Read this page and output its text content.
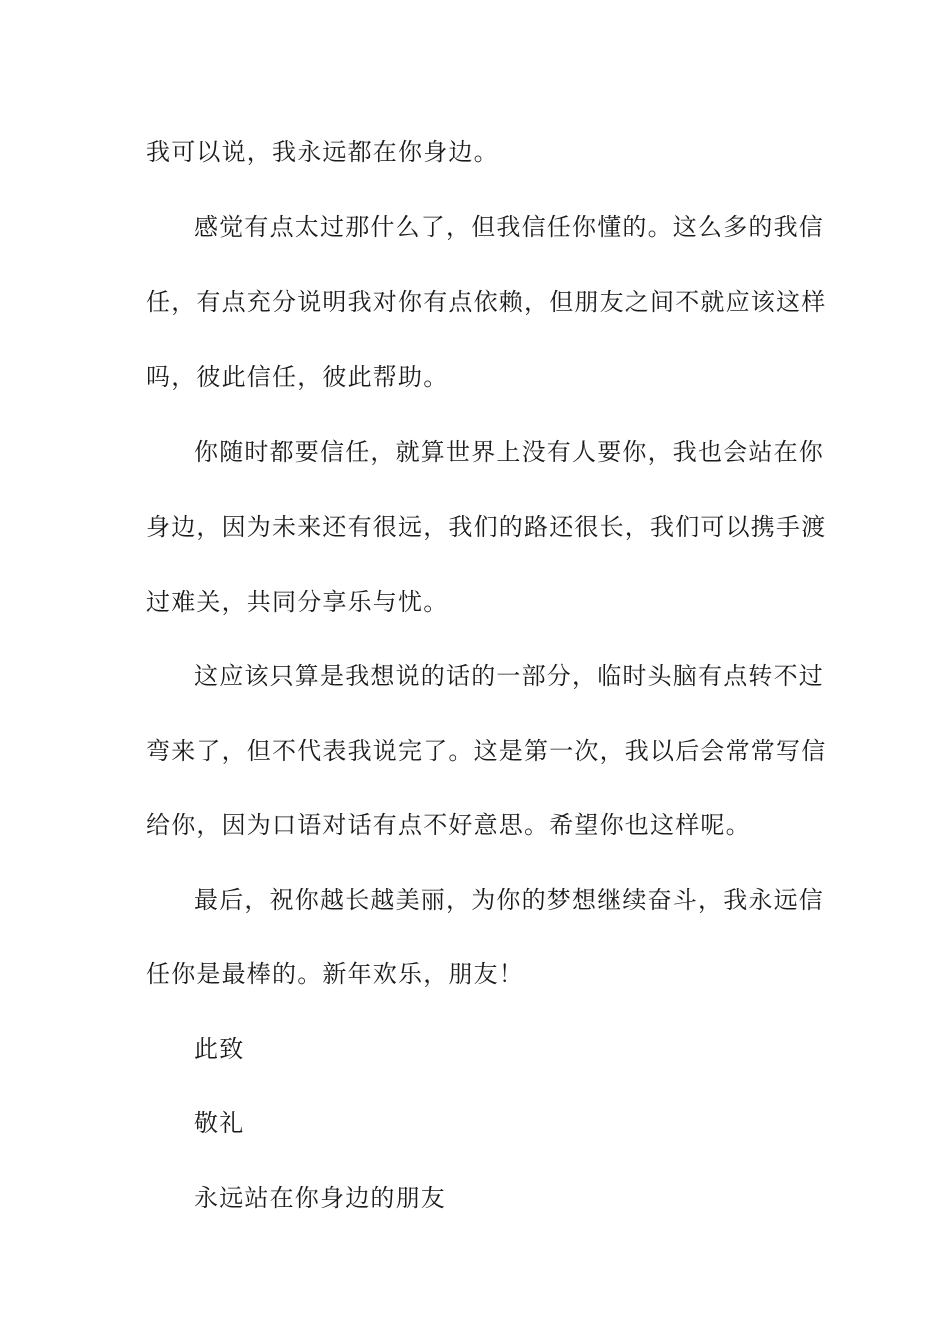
我可以说，我永远都在你身边。
感觉有点太过那什么了，但我信任你懂的。这么多的我信
任，有点充分说明我对你有点依赖，但朋友之间不就应该这样
吗，彼此信任，彼此帮助。
你随时都要信任，就算世界上没有人要你，我也会站在你
身边，因为未来还有很远，我们的路还很长，我们可以携手渡
过难关，共同分享乐与忧。
这应该只算是我想说的话的一部分，临时头脑有点转不过
弯来了，但不代表我说完了。这是第一次，我以后会常常写信
给你，因为口语对话有点不好意思。希望你也这样呢。
最后，祝你越长越美丽，为你的梦想继续奋斗，我永远信
任你是最棒的。新年欢乐，朋友！
此致
敬礼
永远站在你身边的朋友
